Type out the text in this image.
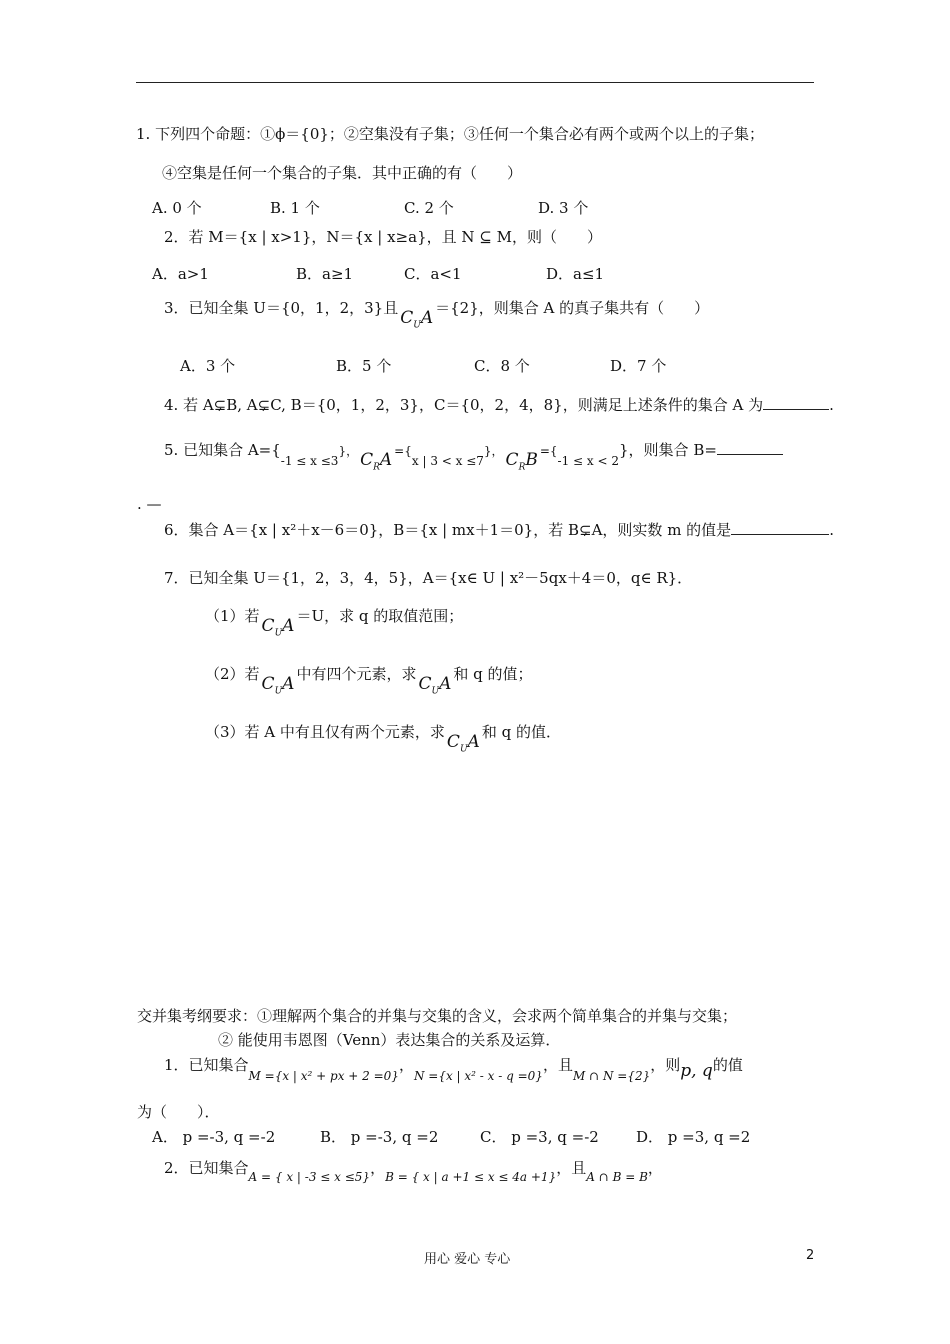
1. 下列四个命题：①ϕ＝{0}；②空集没有子集；③任何一个集合必有两个或两个以上的子集；
④空集是任何一个集合的子集．其中正确的有（　　）
A. 0 个	B. 1 个	C. 2 个	D. 3 个
2．若 M＝{x | x>1}，N＝{x | x≥a}，且 N ⊆ M，则（　　）
A．a>1	B．a≥1	C．a<1	D．a≤1
3．已知全集 U＝{0，1，2，3}且 $C_UA =\{2\}$，则集合 A 的真子集共有（　　）
A．3 个	B．5 个	C．8 个	D．7 个
4. 若 A⊊B, A⊊C, B＝{0，1，2，3}，C＝{0，2，4，8}，则满足上述条件的集合 A 为	.
5. 已知集合 $A=\{_{-1 \le x \le 3}\}$， $C_RA =\{_{x | 3 < x \le 7}\}$， $C_RB =\{_{-1 \le x < 2}\}$，则集合 B=
. —
6．集合 A＝{x | x²＋x－6＝0}，B＝{x | mx＋1＝0}，若 B⊊A，则实数 m 的值是	.
7．已知全集 U＝{1，2，3，4，5}，A＝{x∈ U | x²－5qx＋4＝0，q∈ R}．
（1）若 $C_UA =U$，求 q 的取值范围；
（2）若 $C_UA$ 中有四个元素，求 $C_UA$ 和 q 的值；
（3）若 A 中有且仅有两个元素，求 $C_UA$ 和 q 的值．
交并集考纲要求：①理解两个集合的并集与交集的含义，会求两个简单集合的并集与交集；
② 能使用韦恩图（Venn）表达集合的关系及运算．
1．已知集合$_{M =\{x | x^2 + px + 2 =0\}}$，$_{N =\{x | x^2 - x - q =0\}}$，且$_{M \cap N =\{2\}}$，则p, q的值
为（　　）．
A． p =-3, q =-2	B． p =-3, q =2	C． p =3, q =-2 D． p =3, q =2
2．已知集合$_{A = \{ x | -3 \le x \le 5\}}$，$_{B = \{ x | a +1 \le x \le 4a +1\}}$，且$_{A \cap B = B}$，
用心 爱心 专心	2
